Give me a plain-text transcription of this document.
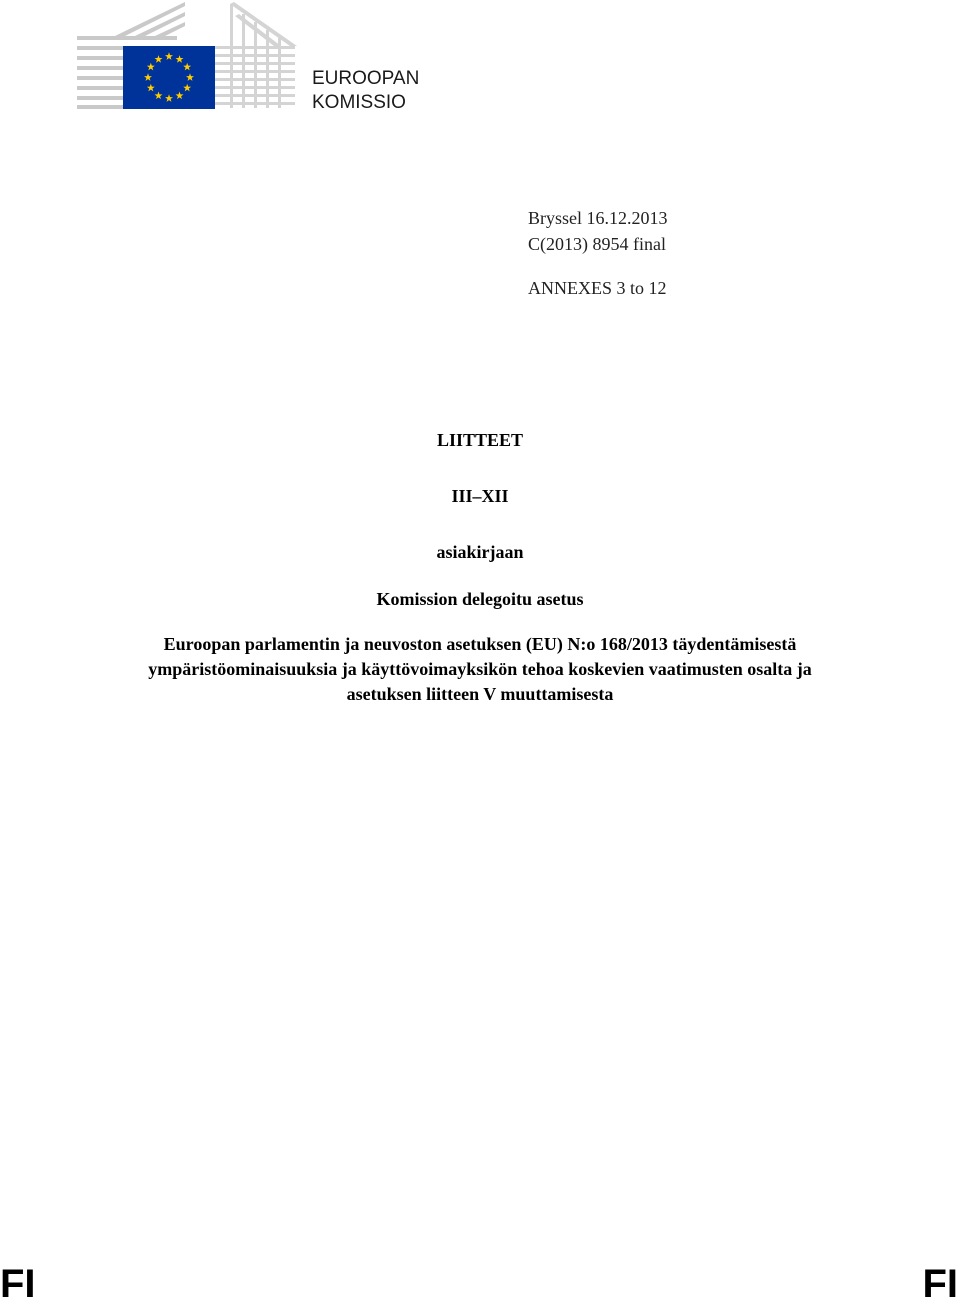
EUROOPAN
KOMISSIO
Bryssel 16.12.2013
C(2013) 8954 final
ANNEXES 3 to 12
LIITTEET
III–XII
asiakirjaan
Komission delegoitu asetus
Euroopan parlamentin ja neuvoston asetuksen (EU) N:o 168/2013 täydentämisestä
ympäristöominaisuuksia ja käyttövoimayksikön tehoa koskevien vaatimusten osalta ja
asetuksen liitteen V muuttamisesta
FI	FI
